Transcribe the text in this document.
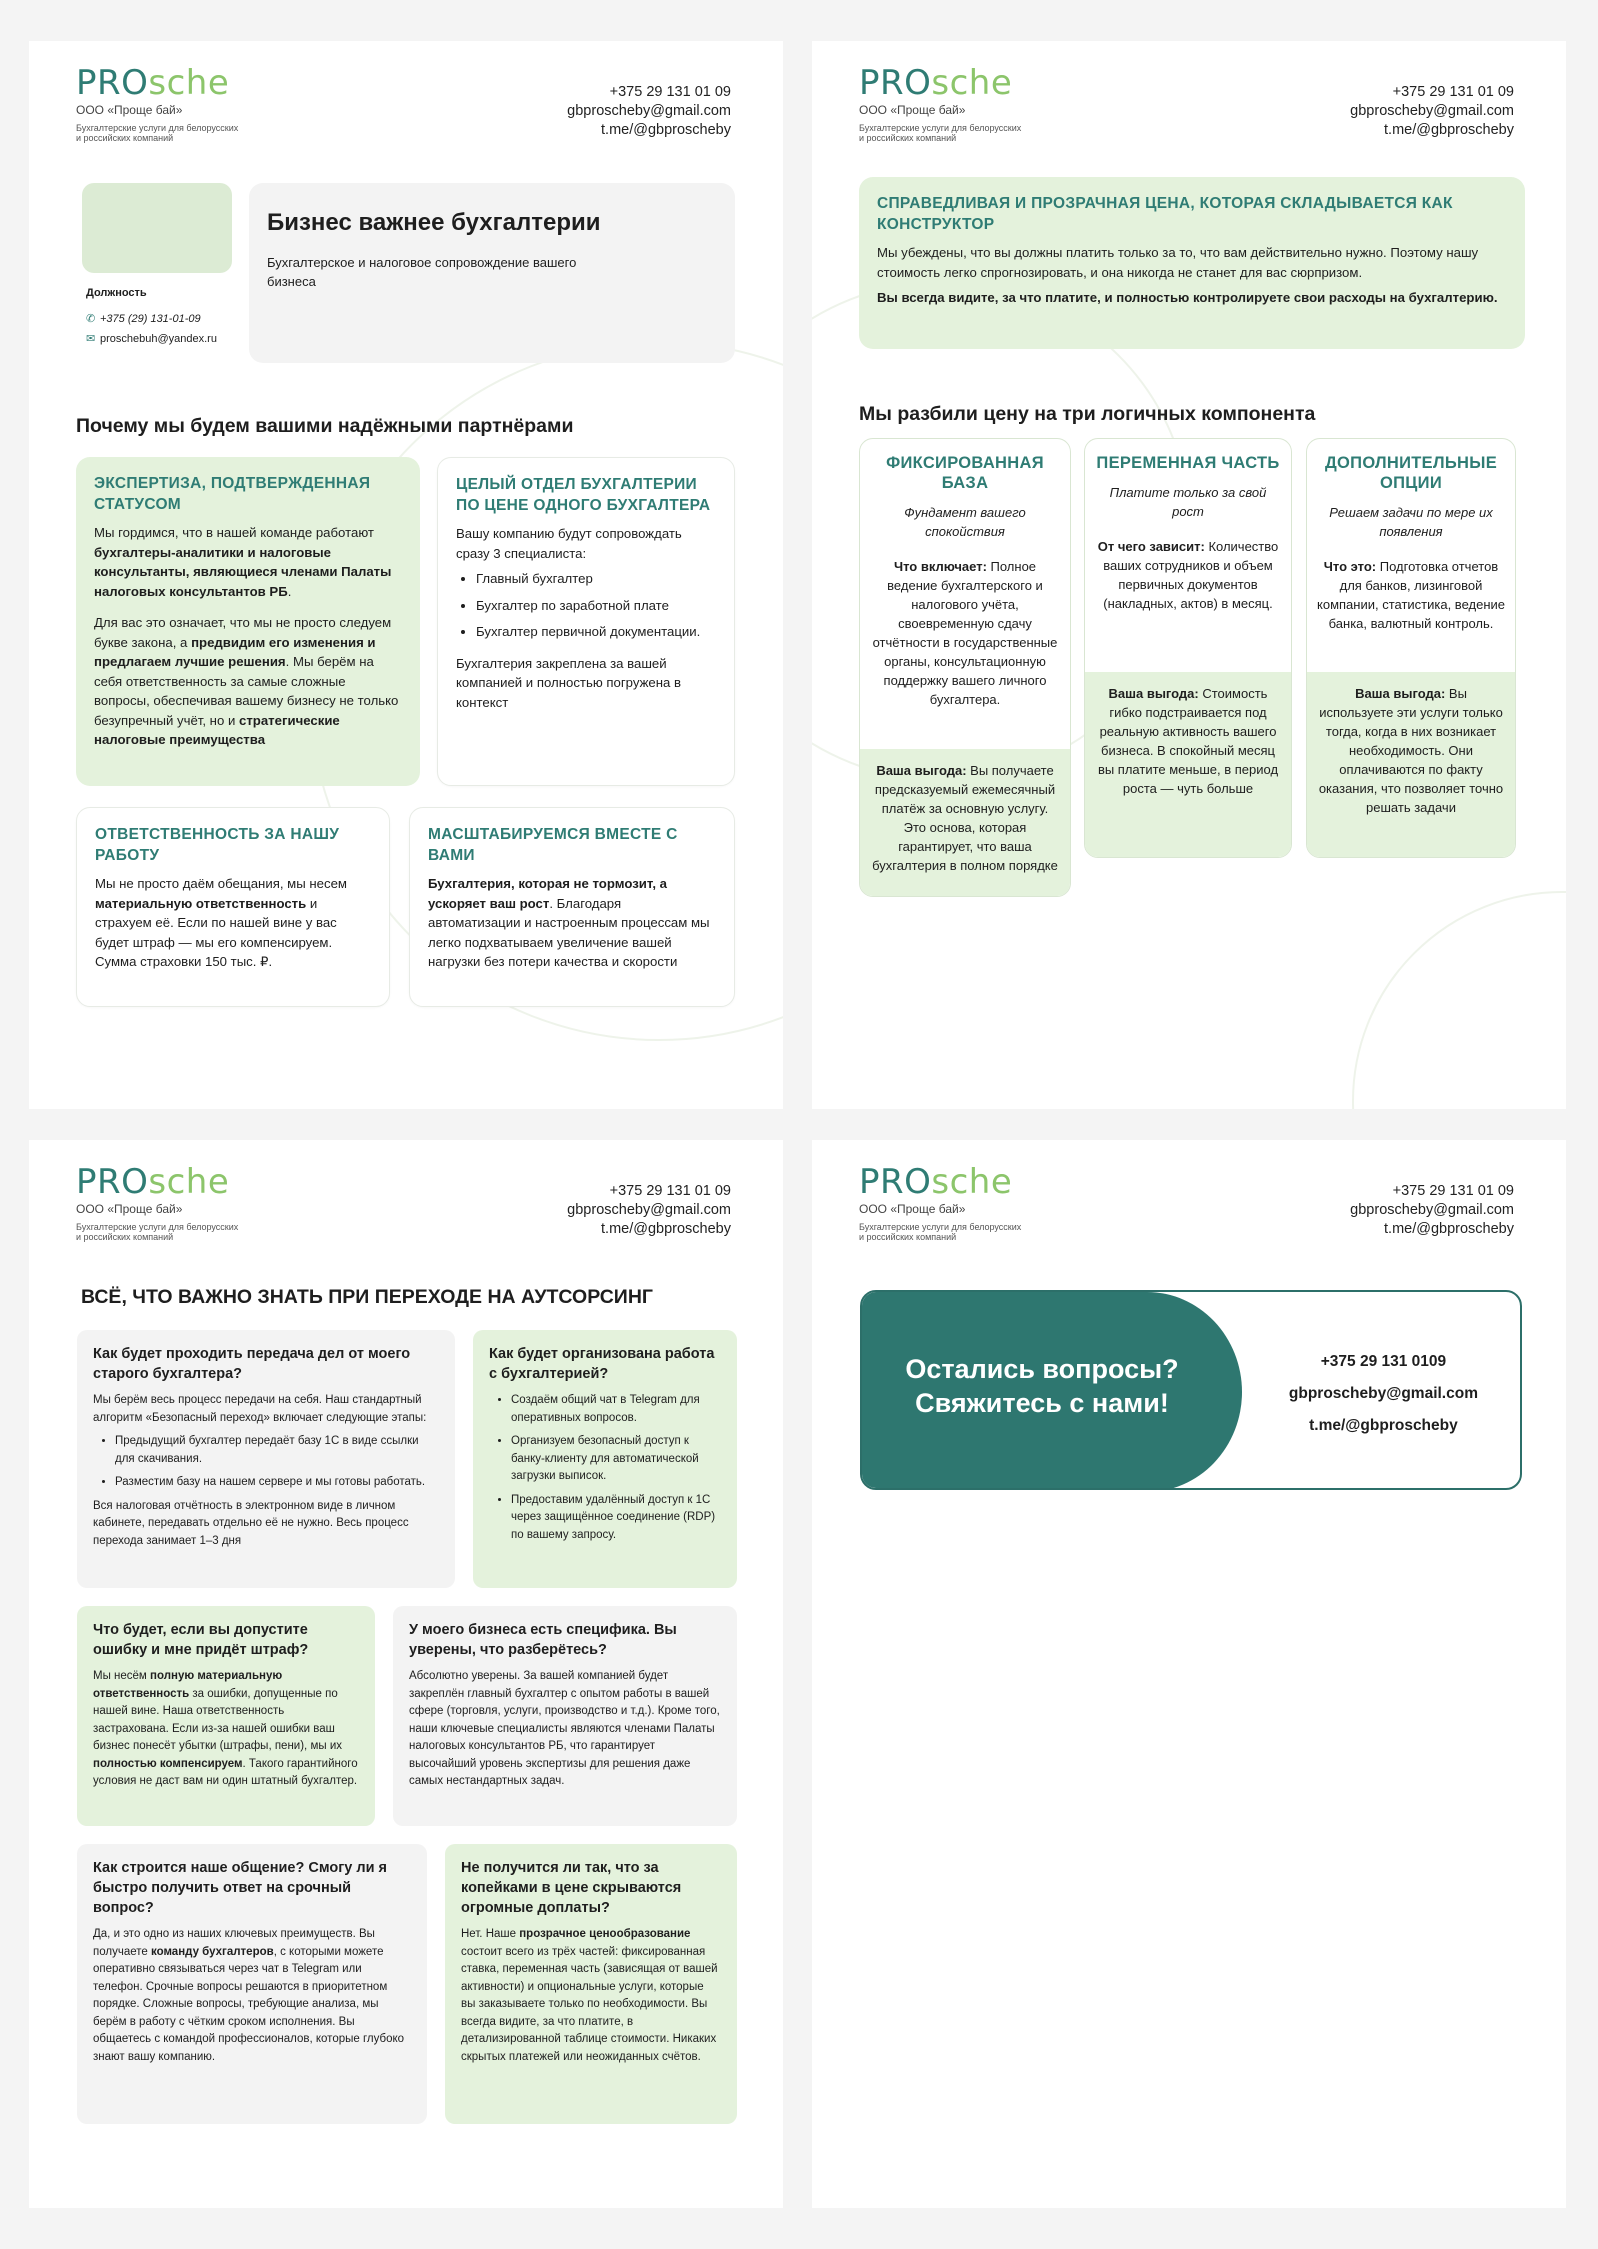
PROsche
ООО «Проще бай»
Бухгалтерские услуги для белорусских
и российских компаний
+375 29 131 01 09
gbproscheby@gmail.com
t.me/@gbproscheby
Должность
✆ +375 (29) 131-01-09
✉ proschebuh@yandex.ru
Бизнес важнее бухгалтерии
Бухгалтерское и налоговое сопровождение вашего бизнеса
Почему мы будем вашими надёжными партнёрами
ЭКСПЕРТИЗА, ПОДТВЕРЖДЕННАЯ СТАТУСОМ

Мы гордимся, что в нашей команде работают бухгалтеры-аналитики и налоговые консультанты, являющиеся членами Палаты налоговых консультантов РБ.

Для вас это означает, что мы не просто следуем букве закона, а предвидим его изменения и предлагаем лучшие решения. Мы берём на себя ответственность за самые сложные вопросы, обеспечивая вашему бизнесу не только безупречный учёт, но и стратегические налоговые преимущества

ЦЕЛЫЙ ОТДЕЛ БУХГАЛТЕРИИ ПО ЦЕНЕ ОДНОГО БУХГАЛТЕРА
Вашу компанию будут сопровождать сразу 3 специалиста:
• Главный бухгалтер
• Бухгалтер по заработной плате
• Бухгалтер первичной документации.
Бухгалтерия закреплена за вашей компанией и полностью погружена в контекст
ОТВЕТСТВЕННОСТЬ ЗА НАШУ РАБОТУ

Мы не просто даём обещания, мы несем материальную ответственность и страхуем её. Если по нашей вине у вас будет штраф — мы его компенсируем. Сумма страховки 150 тыс. ₽.

МАСШТАБИРУЕМСЯ ВМЕСТЕ С ВАМИ

Бухгалтерия, которая не тормозит, а ускоряет ваш рост. Благодаря автоматизации и настроенным процессам мы легко подхватываем увеличение вашей нагрузки без потери качества и скорости

PROsche
ООО «Проще бай»
Бухгалтерские услуги для белорусских
и российских компаний
+375 29 131 01 09
gbproscheby@gmail.com
t.me/@gbproscheby
СПРАВЕДЛИВАЯ И ПРОЗРАЧНАЯ ЦЕНА, КОТОРАЯ СКЛАДЫВАЕТСЯ КАК КОНСТРУКТОР

Мы убеждены, что вы должны платить только за то, что вам действительно нужно. Поэтому нашу стоимость легко спрогнозировать, и она никогда не станет для вас сюрпризом.

Вы всегда видите, за что платите, и полностью контролируете свои расходы на бухгалтерию.

Мы разбили цену на три логичных компонента
ФИКСИРОВАННАЯ БАЗА
Фундамент вашего спокойствия
Что включает: Полное ведение бухгалтерского и налогового учёта, своевременную сдачу отчётности в государственные органы, консультационную поддержку вашего личного бухгалтера.
Ваша выгода: Вы получаете предсказуемый ежемесячный платёж за основную услугу. Это основа, которая гарантирует, что ваша бухгалтерия в полном порядке
ПЕРЕМЕННАЯ ЧАСТЬ
Платите только за свой рост
От чего зависит: Количество ваших сотрудников и объем первичных документов (накладных, актов) в месяц.
Ваша выгода: Стоимость гибко подстраивается под реальную активность вашего бизнеса. В спокойный месяц вы платите меньше, в период роста — чуть больше
ДОПОЛНИТЕЛЬНЫЕ ОПЦИИ
Решаем задачи по мере их появления
Что это: Подготовка отчетов для банков, лизинговой компании, статистика, ведение банка, валютный контроль.
Ваша выгода: Вы используете эти услуги только тогда, когда в них возникает необходимость. Они оплачиваются по факту оказания, что позволяет точно решать задачи
PROsche
ООО «Проще бай»
Бухгалтерские услуги для белорусских
и российских компаний
+375 29 131 01 09
gbproscheby@gmail.com
t.me/@gbproscheby
ВСЁ, ЧТО ВАЖНО ЗНАТЬ ПРИ ПЕРЕХОДЕ НА АУТСОРСИНГ
Как будет проходить передача дел от моего старого бухгалтера?
Мы берём весь процесс передачи на себя. Наш стандартный алгоритм «Безопасный переход» включает следующие этапы:
• Предыдущий бухгалтер передаёт базу 1С в виде ссылки для скачивания.
• Разместим базу на нашем сервере и мы готовы работать.
Вся налоговая отчётность в электронном виде в личном кабинете, передавать отдельно её не нужно. Весь процесс перехода занимает 1–3 дня
Как будет организована работа с бухгалтерией?
• Создаём общий чат в Telegram для оперативных вопросов.
• Организуем безопасный доступ к банку-клиенту для автоматической загрузки выписок.
• Предоставим удалённый доступ к 1С через защищённое соединение (RDP) по вашему запросу.
Что будет, если вы допустите ошибку и мне придёт штраф?
Мы несём полную материальную ответственность за ошибки, допущенные по нашей вине. Наша ответственность застрахована. Если из-за нашей ошибки ваш бизнес понесёт убытки (штрафы, пени), мы их полностью компенсируем. Такого гарантийного условия не даст вам ни один штатный бухгалтер.
У моего бизнеса есть специфика. Вы уверены, что разберётесь?
Абсолютно уверены. За вашей компанией будет закреплён главный бухгалтер с опытом работы в вашей сфере (торговля, услуги, производство и т.д.). Кроме того, наши ключевые специалисты являются членами Палаты налоговых консультантов РБ, что гарантирует высочайший уровень экспертизы для решения даже самых нестандартных задач.
Как строится наше общение? Смогу ли я быстро получить ответ на срочный вопрос?
Да, и это одно из наших ключевых преимуществ. Вы получаете команду бухгалтеров, с которыми можете оперативно связываться через чат в Telegram или телефон. Срочные вопросы решаются в приоритетном порядке. Сложные вопросы, требующие анализа, мы берём в работу с чётким сроком исполнения. Вы общаетесь с командой профессионалов, которые глубоко знают вашу компанию.
Не получится ли так, что за копейками в цене скрываются огромные доплаты?
Нет. Наше прозрачное ценообразование состоит всего из трёх частей: фиксированная ставка, переменная часть (зависящая от вашей активности) и опциональные услуги, которые вы заказываете только по необходимости. Вы всегда видите, за что платите, в детализированной таблице стоимости. Никаких скрытых платежей или неожиданных счётов.
PROsche
ООО «Проще бай»
Бухгалтерские услуги для белорусских
и российских компаний
+375 29 131 01 09
gbproscheby@gmail.com
t.me/@gbproscheby
Остались вопросы?
Свяжитесь с нами!
+375 29 131 0109
gbproscheby@gmail.com
t.me/@gbproscheby
